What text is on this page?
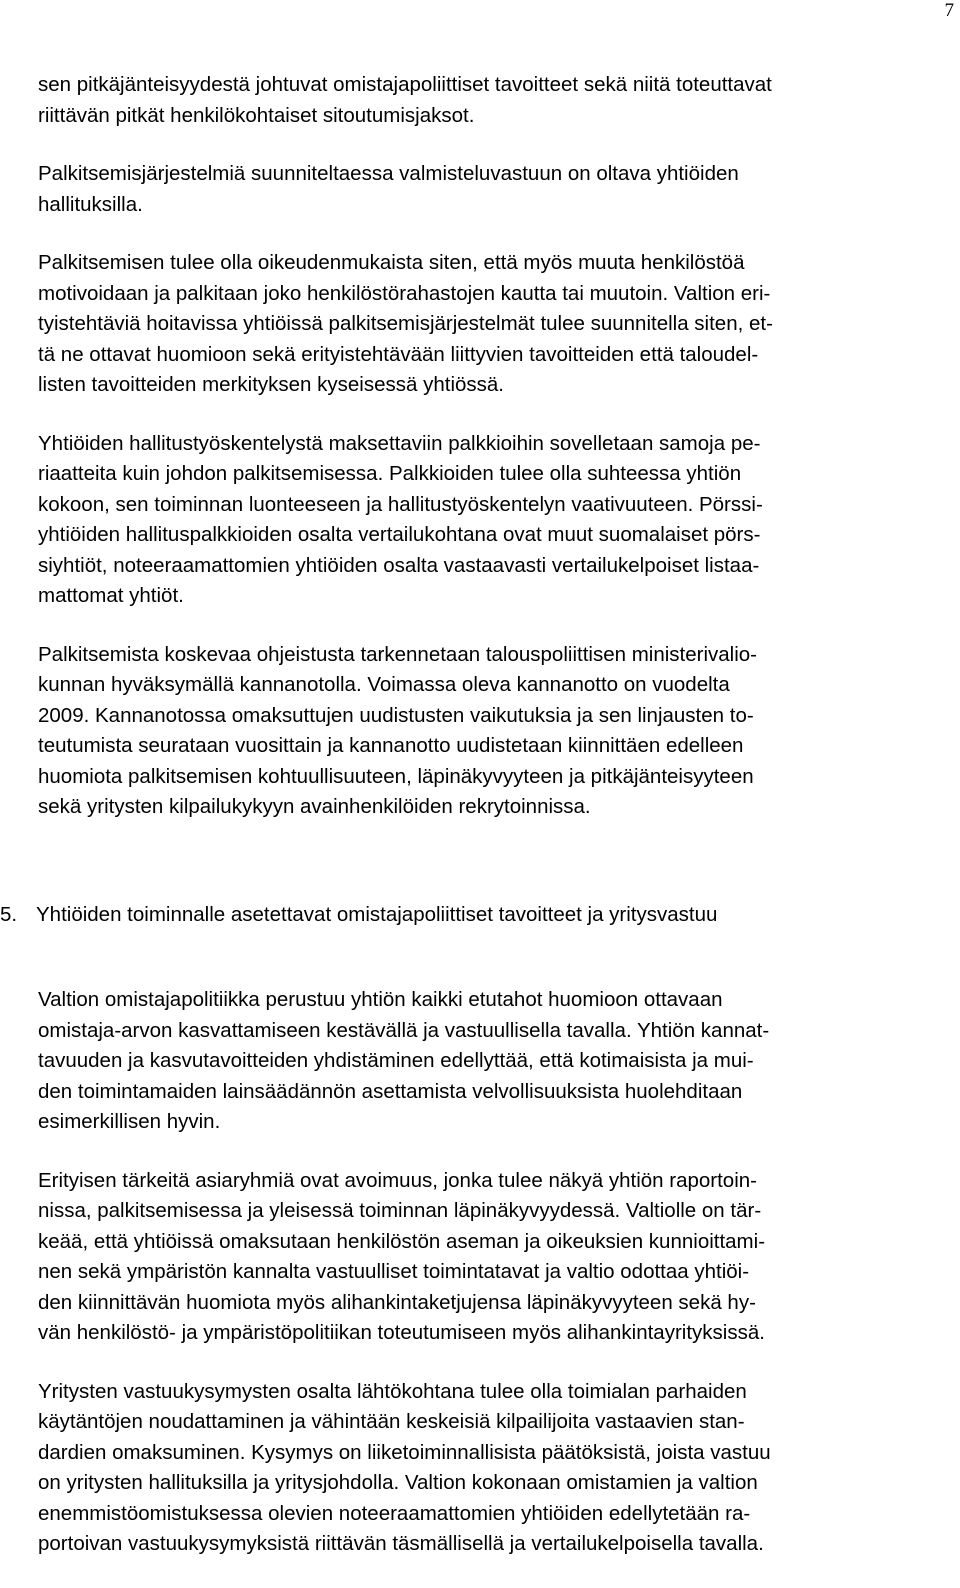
7
sen pitkäjänteisyydestä johtuvat omistajapoliittiset tavoitteet sekä niitä toteuttavat
riittävän pitkät henkilökohtaiset sitoutumisjaksot.
Palkitsemisjärjestelmiä suunniteltaessa valmisteluvastuun on oltava yhtiöiden
hallituksilla.
Palkitsemisen tulee olla oikeudenmukaista siten, että myös muuta henkilöstöä
motivoidaan ja palkitaan joko henkilöstörahastojen kautta tai muutoin. Valtion eri-
tyistehtäviä hoitavissa yhtiöissä palkitsemisjärjestelmät tulee suunnitella siten, et-
tä ne ottavat huomioon sekä erityistehtävään liittyvien tavoitteiden että taloudel-
listen tavoitteiden merkityksen kyseisessä yhtiössä.
Yhtiöiden hallitustyöskentelystä maksettaviin palkkioihin sovelletaan samoja pe-
riaatteita kuin johdon palkitsemisessa. Palkkioiden tulee olla suhteessa yhtiön
kokoon, sen toiminnan luonteeseen ja hallitustyöskentelyn vaativuuteen. Pörssi-
yhtiöiden hallituspalkkioiden osalta vertailukohtana ovat muut suomalaiset pörs-
siyhtiöt, noteeraamattomien yhtiöiden osalta vastaavasti vertailukelpoiset listaa-
mattomat yhtiöt.
Palkitsemista koskevaa ohjeistusta tarkennetaan talouspoliittisen ministerivalio-
kunnan hyväksymällä kannanotolla. Voimassa oleva kannanotto on vuodelta
2009. Kannanotossa omaksuttujen uudistusten vaikutuksia ja sen linjausten to-
teutumista seurataan vuosittain ja kannanotto uudistetaan kiinnittäen edelleen
huomiota palkitsemisen kohtuullisuuteen, läpinäkyvyyteen ja pitkäjänteisyyteen
sekä yritysten kilpailukykyyn avainhenkilöiden rekrytoinnissa.
5. Yhtiöiden toiminnalle asetettavat omistajapoliittiset tavoitteet ja yritysvastuu
Valtion omistajapolitiikka perustuu yhtiön kaikki etutahot huomioon ottavaan
omistaja-arvon kasvattamiseen kestävällä ja vastuullisella tavalla. Yhtiön kannat-
tavuuden ja kasvutavoitteiden yhdistäminen edellyttää, että kotimaisista ja mui-
den toimintamaiden lainsäädännön asettamista velvollisuuksista huolehditaan
esimerkillisen hyvin.
Erityisen tärkeitä asiaryhmiä ovat avoimuus, jonka tulee näkyä yhtiön raportoin-
nissa, palkitsemisessa ja yleisessä toiminnan läpinäkyvyydessä. Valtiolle on tär-
keää, että yhtiöissä omaksutaan henkilöstön aseman ja oikeuksien kunnioittami-
nen sekä ympäristön kannalta vastuulliset toimintatavat ja valtio odottaa yhtiöi-
den kiinnittävän huomiota myös alihankintaketjujensa läpinäkyvyyteen sekä hy-
vän henkilöstö- ja ympäristöpolitiikan toteutumiseen myös alihankintayrityksissä.
Yritysten vastuukysymysten osalta lähtökohtana tulee olla toimialan parhaiden
käytäntöjen noudattaminen ja vähintään keskeisiä kilpailijoita vastaavien stan-
dardien omaksuminen. Kysymys on liiketoiminnallisista päätöksistä, joista vastuu
on yritysten hallituksilla ja yritysjohdolla. Valtion kokonaan omistamien ja valtion
enemmistöomistuksessa olevien noteeraamattomien yhtiöiden edellytetään ra-
portoivan vastuukysymyksistä riittävän täsmällisellä ja vertailukelpoisella tavalla.
